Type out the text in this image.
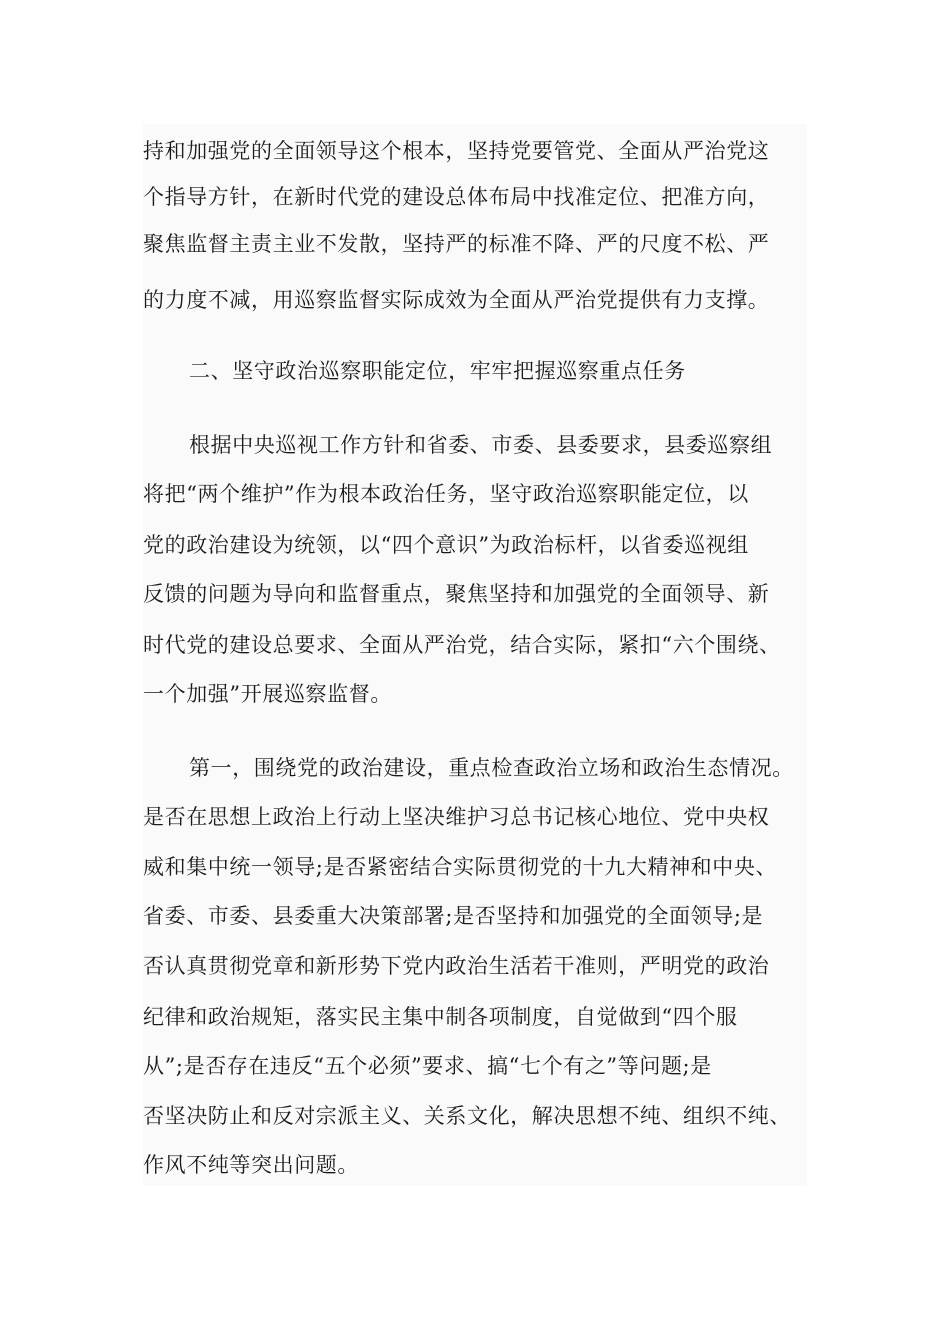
持和加强党的全面领导这个根本，坚持党要管党、全面从严治党这
个指导方针，在新时代党的建设总体布局中找准定位、把准方向，
聚焦监督主责主业不发散，坚持严的标准不降、严的尺度不松、严
的力度不减，用巡察监督实际成效为全面从严治党提供有力支撑。
二、坚守政治巡察职能定位，牢牢把握巡察重点任务
根据中央巡视工作方针和省委、市委、县委要求，县委巡察组
将把“两个维护”作为根本政治任务，坚守政治巡察职能定位，以
党的政治建设为统领，以“四个意识”为政治标杆，以省委巡视组
反馈的问题为导向和监督重点，聚焦坚持和加强党的全面领导、新
时代党的建设总要求、全面从严治党，结合实际，紧扣“六个围绕、
一个加强”开展巡察监督。
第一，围绕党的政治建设，重点检查政治立场和政治生态情况。
是否在思想上政治上行动上坚决维护习总书记核心地位、党中央权
威和集中统一领导;是否紧密结合实际贯彻党的十九大精神和中央、
省委、市委、县委重大决策部署;是否坚持和加强党的全面领导;是
否认真贯彻党章和新形势下党内政治生活若干准则，严明党的政治
纪律和政治规矩，落实民主集中制各项制度，自觉做到“四个服
从”;是否存在违反“五个必须”要求、搞“七个有之”等问题;是
否坚决防止和反对宗派主义、关系文化，解决思想不纯、组织不纯、
作风不纯等突出问题。
